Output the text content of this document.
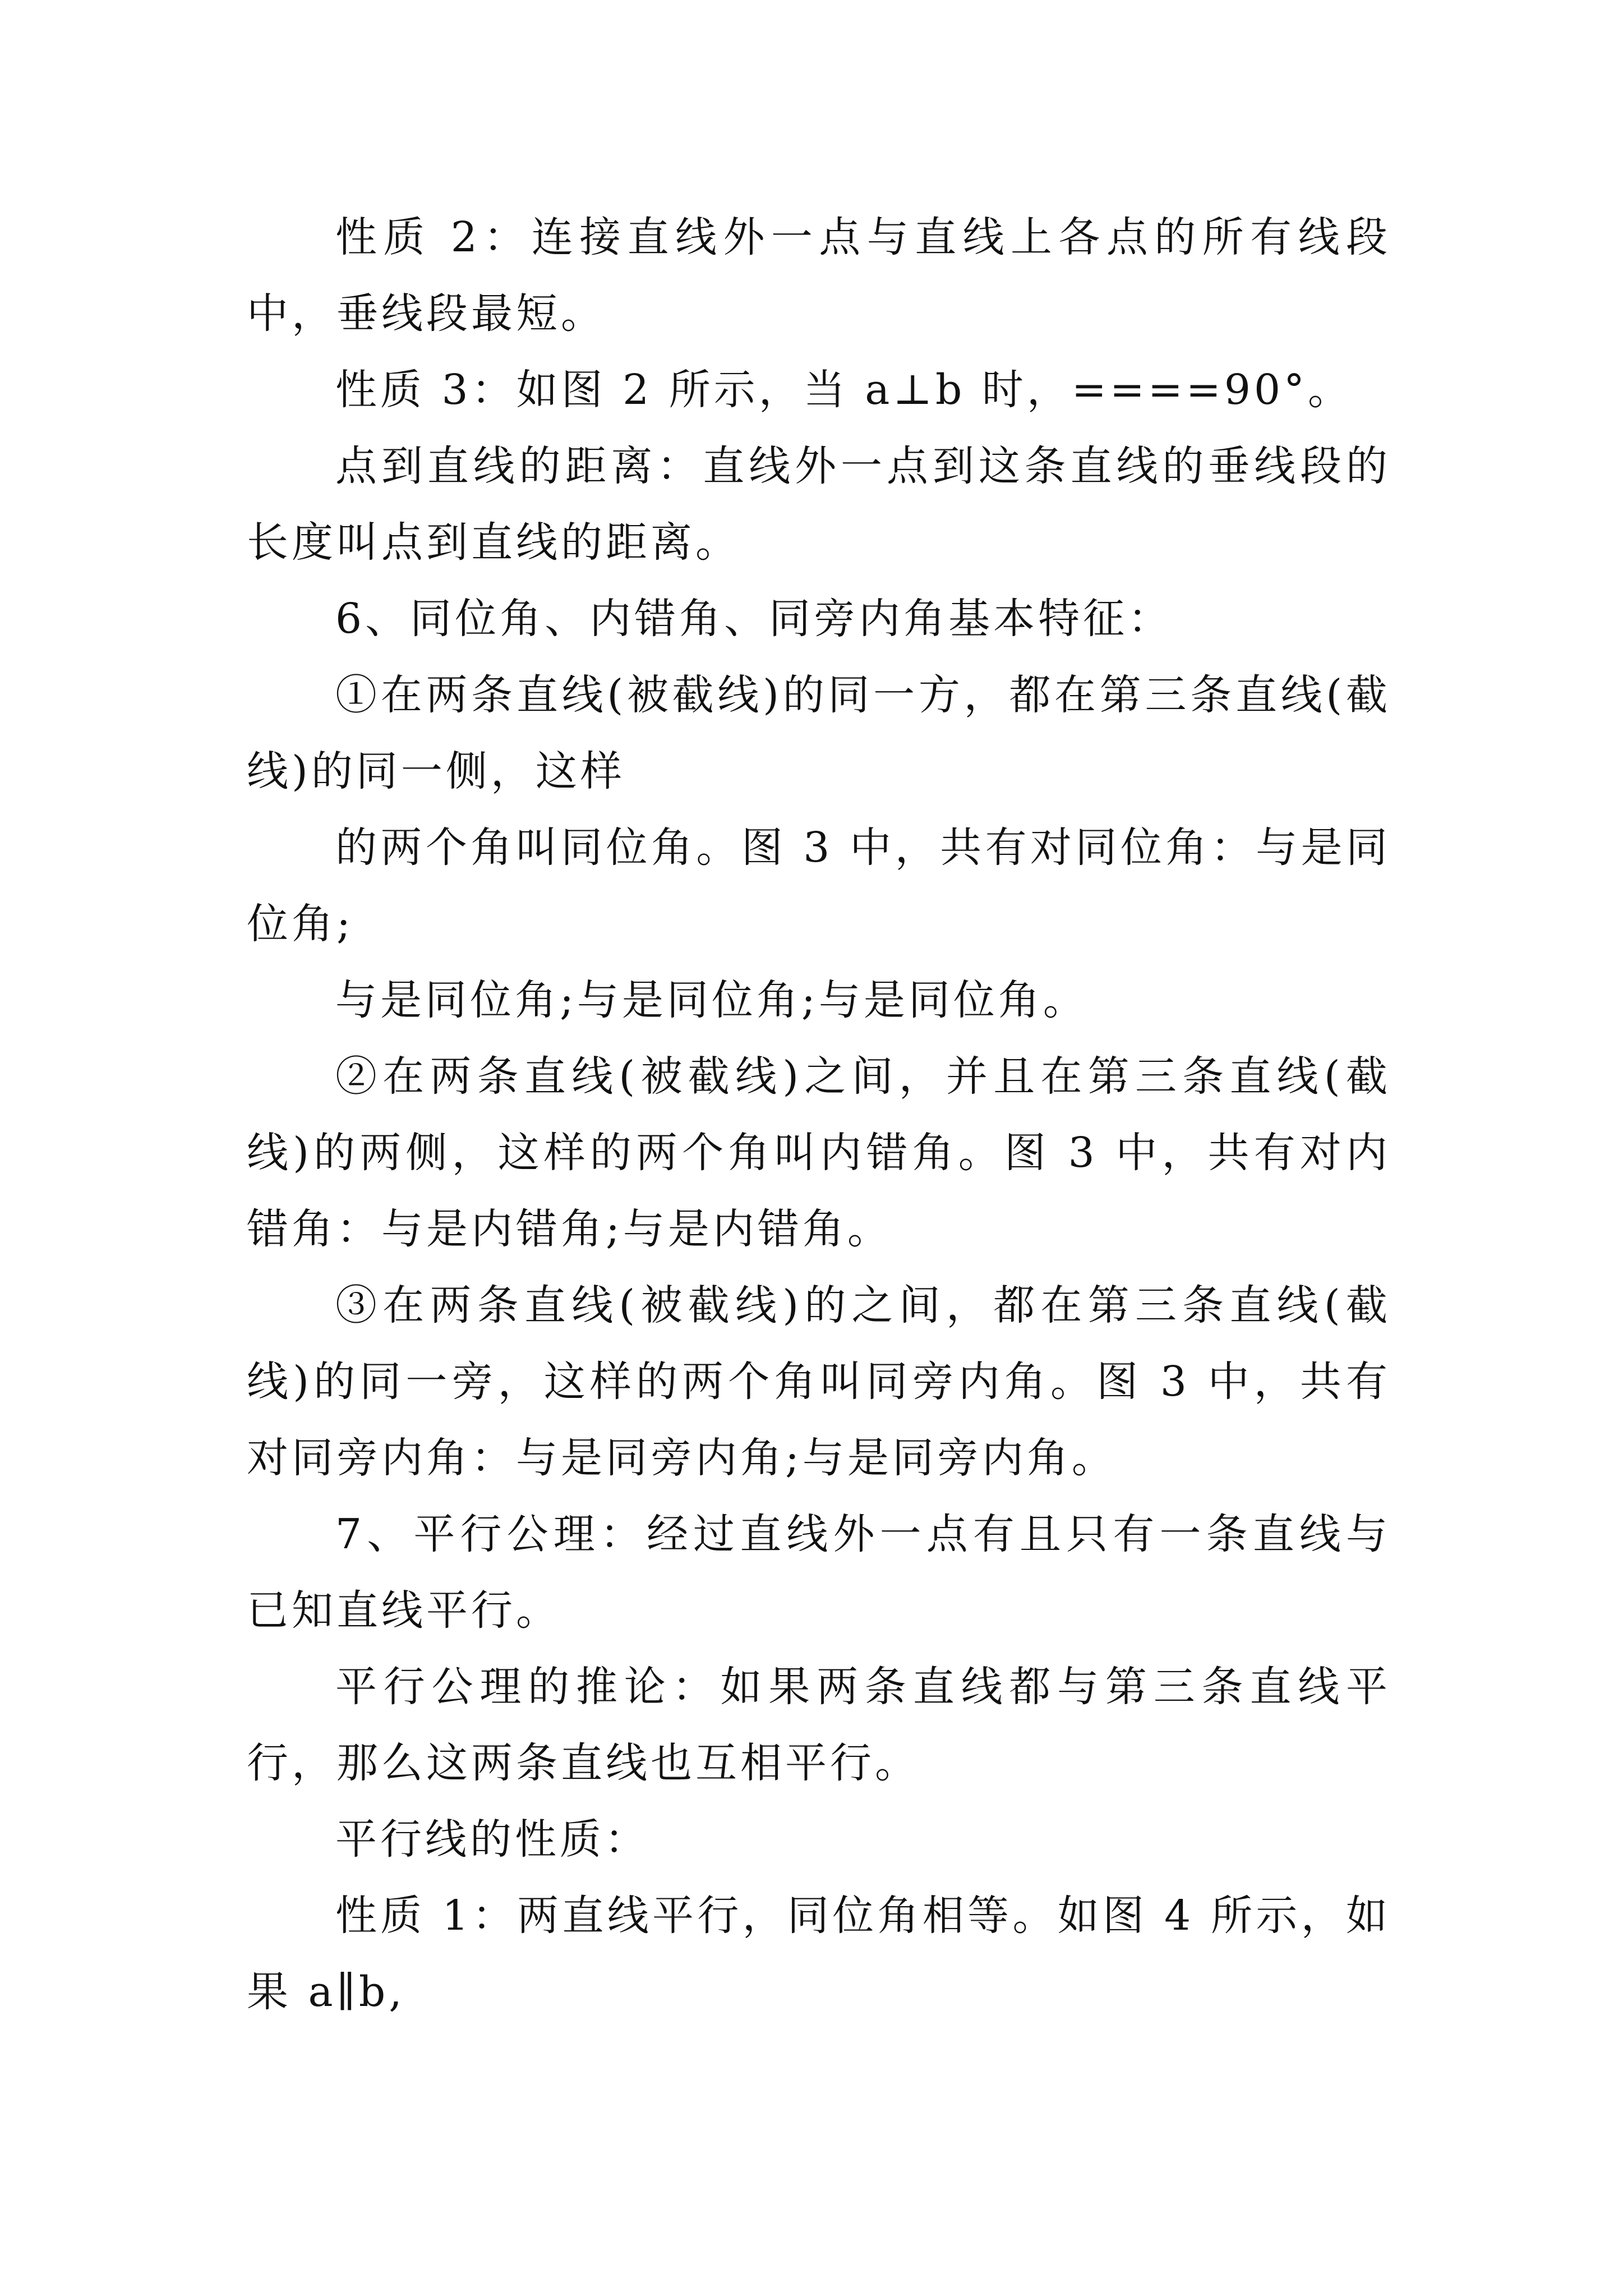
性质 2：连接直线外一点与直线上各点的所有线段中，垂线段最短。

性质 3：如图 2 所示，当 a⊥b 时，====90°。

点到直线的距离：直线外一点到这条直线的垂线段的长度叫点到直线的距离。

6、同位角、内错角、同旁内角基本特征：

①在两条直线(被截线)的同一方，都在第三条直线(截线)的同一侧，这样

的两个角叫同位角。图 3 中，共有对同位角：与是同位角;

与是同位角;与是同位角;与是同位角。

②在两条直线(被截线)之间，并且在第三条直线(截线)的两侧，这样的两个角叫内错角。图 3 中，共有对内错角：与是内错角;与是内错角。

③在两条直线(被截线)的之间，都在第三条直线(截线)的同一旁，这样的两个角叫同旁内角。图 3 中，共有对同旁内角：与是同旁内角;与是同旁内角。

7、平行公理：经过直线外一点有且只有一条直线与已知直线平行。

平行公理的推论：如果两条直线都与第三条直线平行，那么这两条直线也互相平行。

平行线的性质：

性质 1：两直线平行，同位角相等。如图 4 所示，如果 a∥b,
